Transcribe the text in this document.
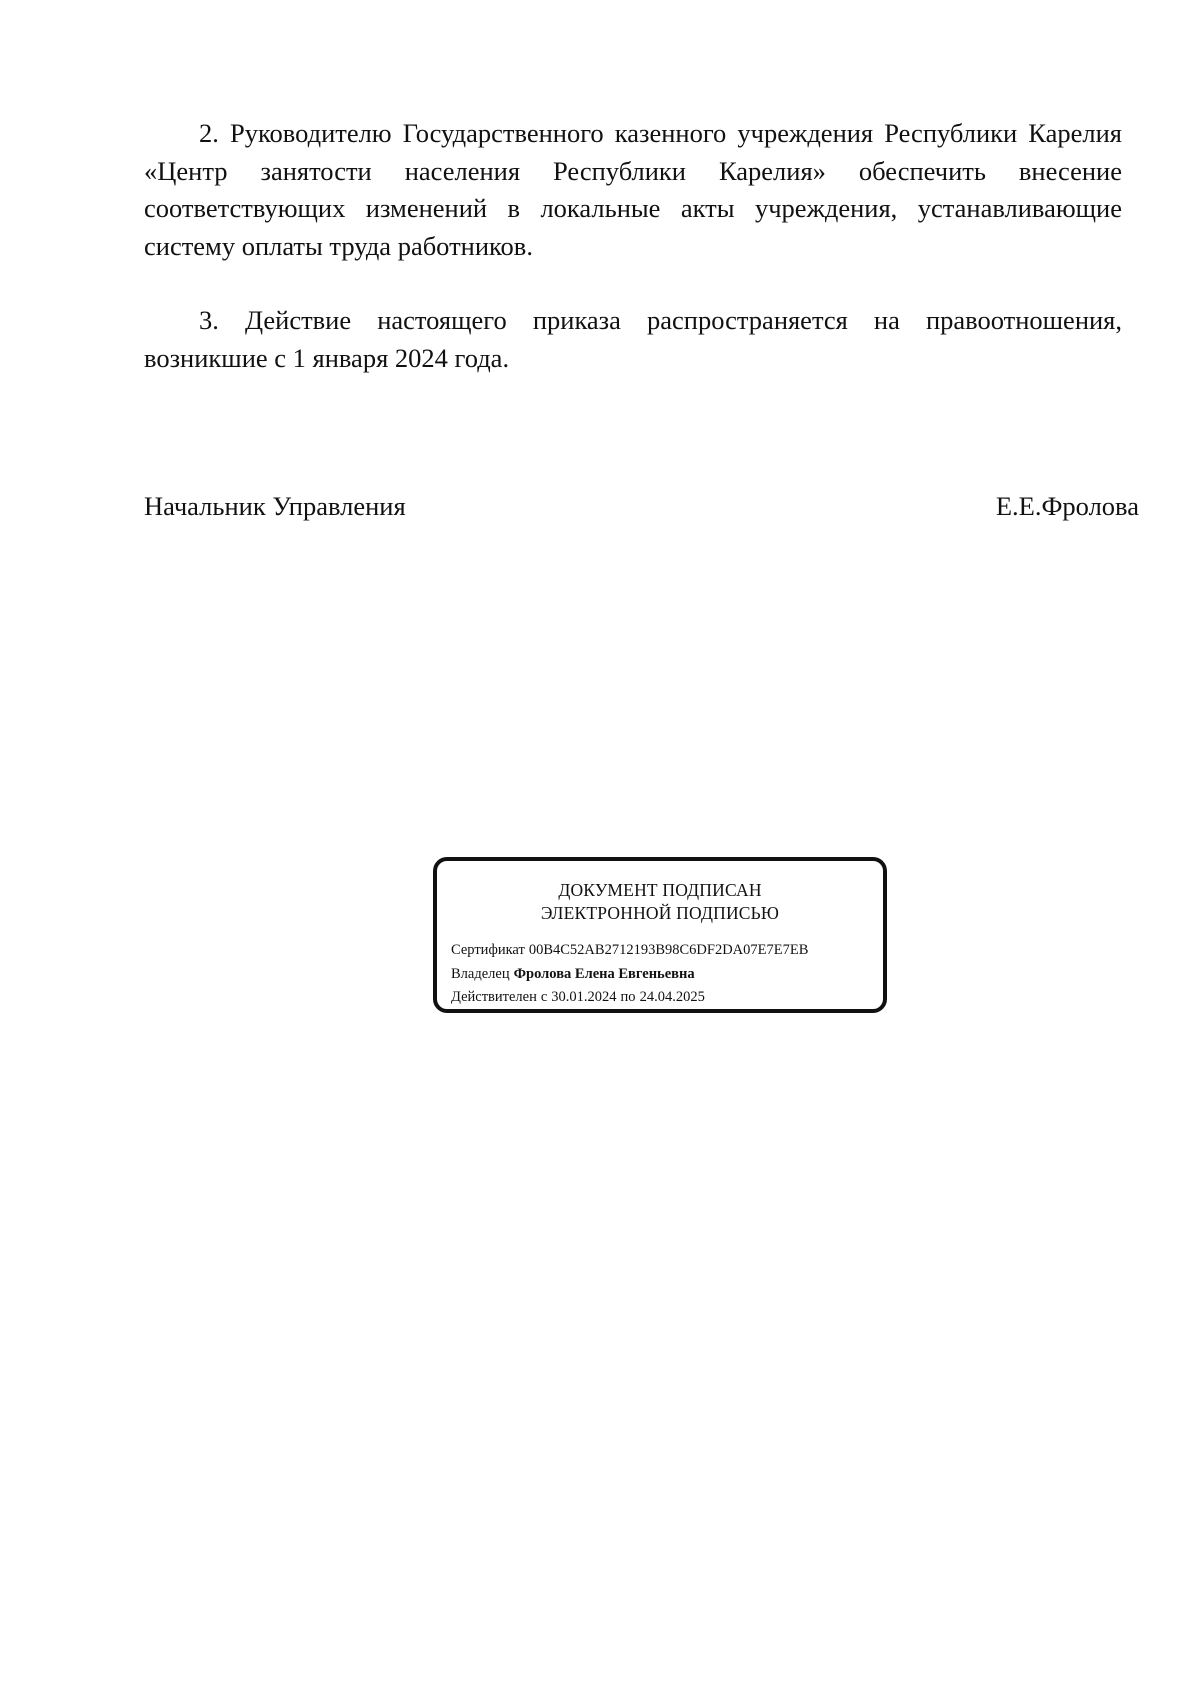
2. Руководителю Государственного казенного учреждения Республики Карелия «Центр занятости населения Республики Карелия» обеспечить внесение соответствующих изменений в локальные акты учреждения, устанавливающие систему оплаты труда работников.

3. Действие настоящего приказа распространяется на правоотношения, возникшие с 1 января 2024 года.

Начальник Управления	Е.Е.Фролова
ДОКУМЕНТ ПОДПИСАН
ЭЛЕКТРОННОЙ ПОДПИСЬЮ
Сертификат 00B4C52AB2712193B98C6DF2DA07E7E7EB
Владелец Фролова Елена Евгеньевна
Действителен с 30.01.2024 по 24.04.2025
